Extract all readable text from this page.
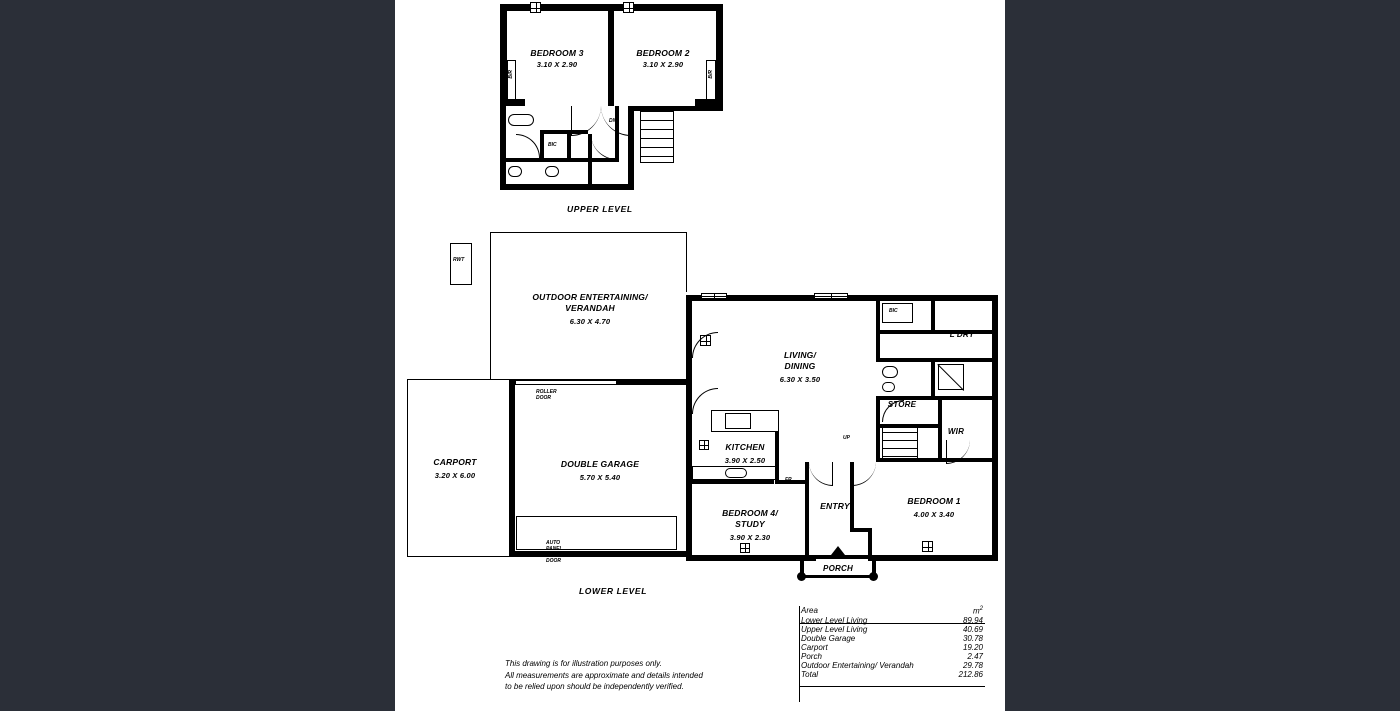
B/R	B/R
BIC
DN
BEDROOM 3
3.10 X 2.90
BEDROOM 2
3.10 X 2.90
UPPER LEVEL
RWT
ROLLER DOOR
AUTO PANEL LIFT DOOR
BIC
L'DRY
STORE
WIR
UP
P
FR
PORCH
ENTRY
OUTDOOR ENTERTAINING/
VERANDAH
6.30 X 4.70
LIVING/
DINING
6.30 X 3.50
KITCHEN
3.90 X 2.50
DOUBLE GARAGE
5.70 X 5.40
CARPORT
3.20 X 6.00
BEDROOM 4/
STUDY
3.90 X 2.30
BEDROOM 1
4.00 X 3.40
LOWER LEVEL
This drawing is for illustration purposes only.
All measurements are approximate and details intended
to be relied upon should be independently verified.
Area	$m^2$
Lower Level Living	89.94
Upper Level Living	40.69
Double Garage	30.78
Carport	19.20
Porch	2.47
Outdoor Entertaining/ Verandah	29.78
Total	212.86
